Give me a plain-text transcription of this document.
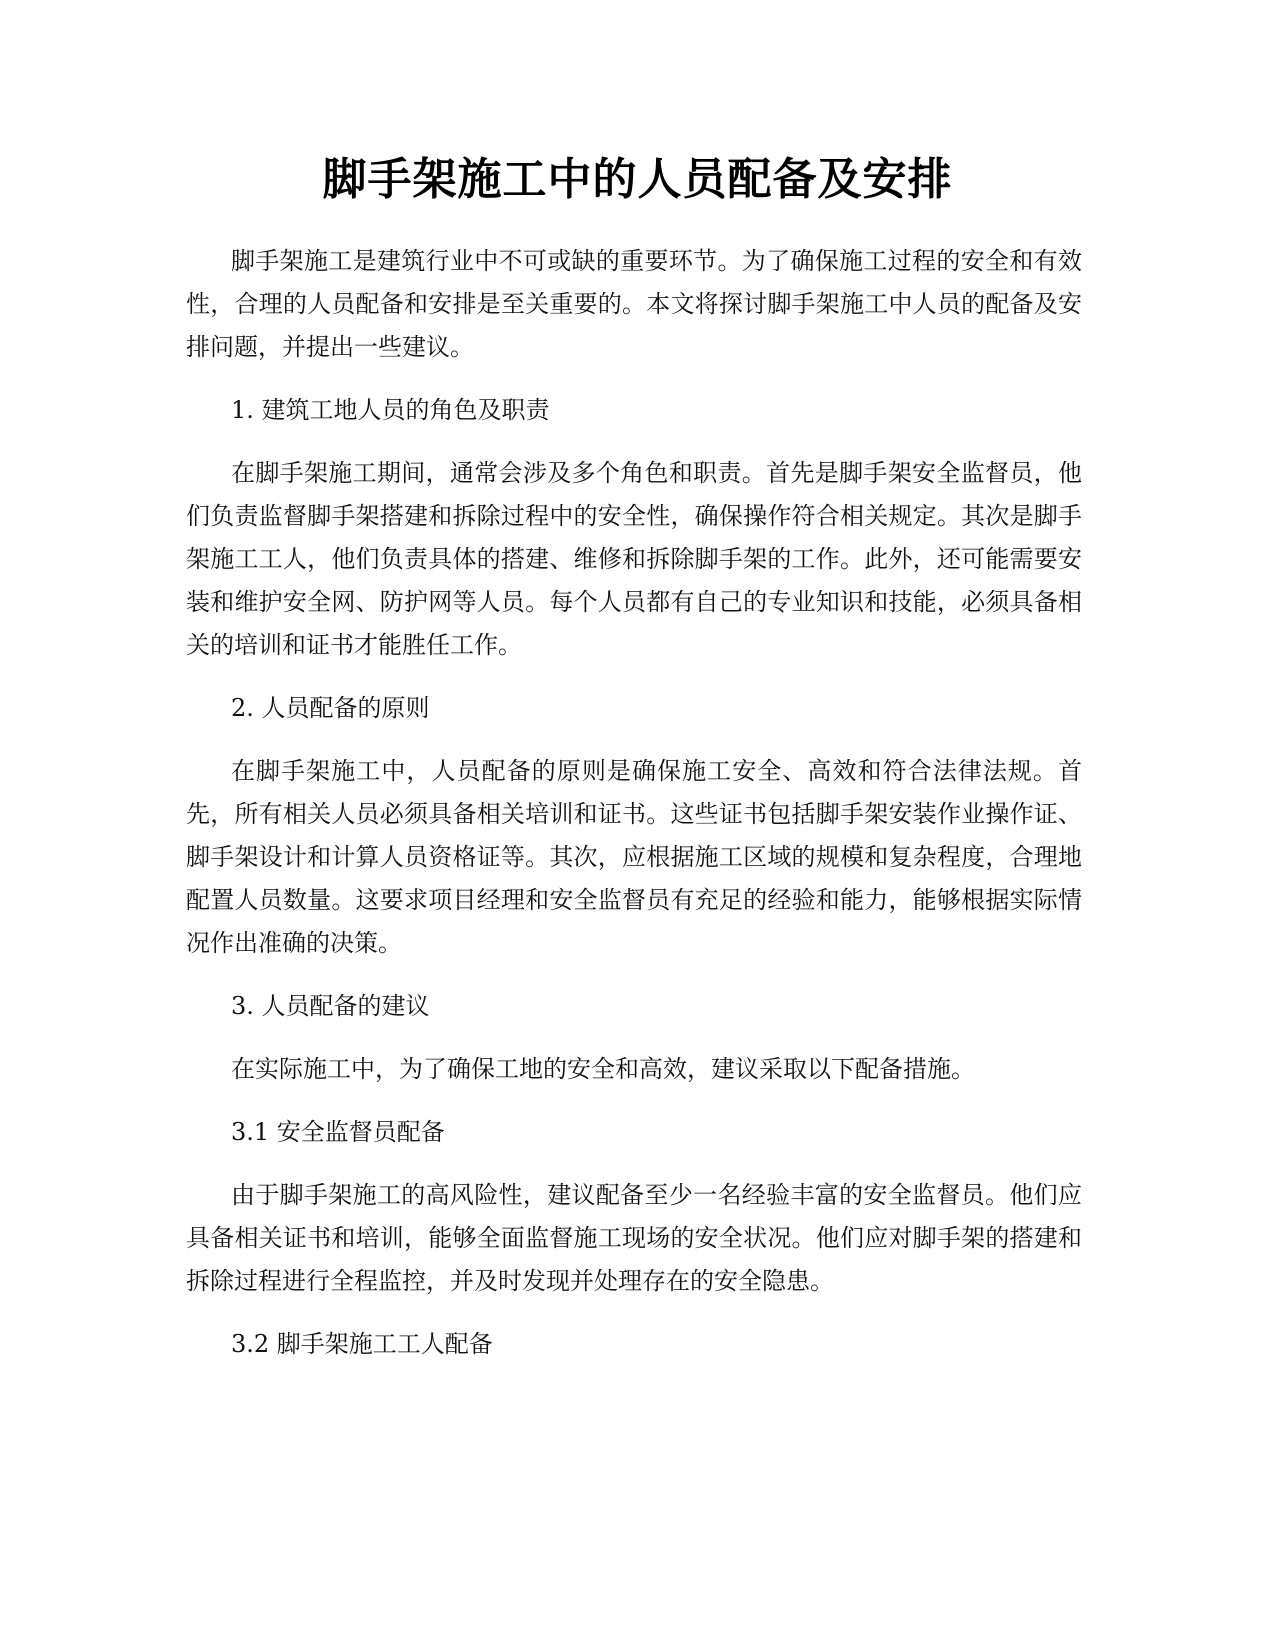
脚手架施工中的人员配备及安排

脚手架施工是建筑行业中不可或缺的重要环节。为了确保施工过程的安全和有效性，合理的人员配备和安排是至关重要的。本文将探讨脚手架施工中人员的配备及安排问题，并提出一些建议。

1. 建筑工地人员的角色及职责

在脚手架施工期间，通常会涉及多个角色和职责。首先是脚手架安全监督员，他们负责监督脚手架搭建和拆除过程中的安全性，确保操作符合相关规定。其次是脚手架施工工人，他们负责具体的搭建、维修和拆除脚手架的工作。此外，还可能需要安装和维护安全网、防护网等人员。每个人员都有自己的专业知识和技能，必须具备相关的培训和证书才能胜任工作。

2. 人员配备的原则

在脚手架施工中，人员配备的原则是确保施工安全、高效和符合法律法规。首先，所有相关人员必须具备相关培训和证书。这些证书包括脚手架安装作业操作证、脚手架设计和计算人员资格证等。其次，应根据施工区域的规模和复杂程度，合理地配置人员数量。这要求项目经理和安全监督员有充足的经验和能力，能够根据实际情况作出准确的决策。

3. 人员配备的建议

在实际施工中，为了确保工地的安全和高效，建议采取以下配备措施。

3.1 安全监督员配备

由于脚手架施工的高风险性，建议配备至少一名经验丰富的安全监督员。他们应具备相关证书和培训，能够全面监督施工现场的安全状况。他们应对脚手架的搭建和拆除过程进行全程监控，并及时发现并处理存在的安全隐患。

3.2 脚手架施工工人配备
